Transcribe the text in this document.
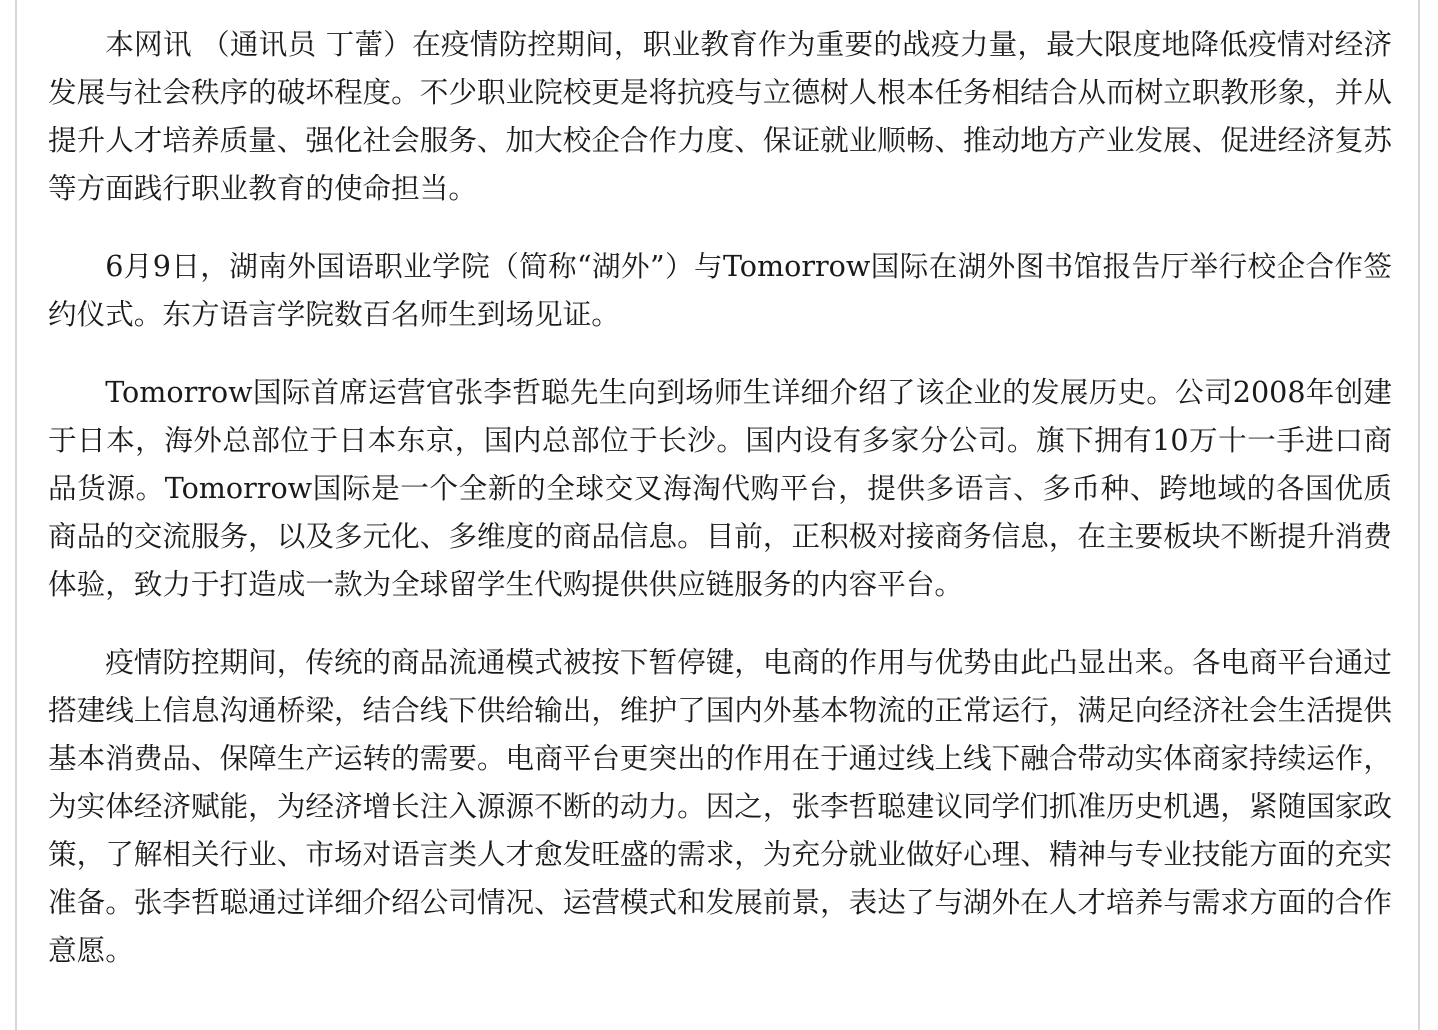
本网讯 （通讯员 丁蕾）在疫情防控期间，职业教育作为重要的战疫力量，最大限度地降低疫情对经济发展与社会秩序的破坏程度。不少职业院校更是将抗疫与立德树人根本任务相结合从而树立职教形象，并从提升人才培养质量、强化社会服务、加大校企合作力度、保证就业顺畅、推动地方产业发展、促进经济复苏等方面践行职业教育的使命担当。

6月9日，湖南外国语职业学院（简称“湖外”）与Tomorrow国际在湖外图书馆报告厅举行校企合作签约仪式。东方语言学院数百名师生到场见证。

Tomorrow国际首席运营官张李哲聪先生向到场师生详细介绍了该企业的发展历史。公司2008年创建于日本，海外总部位于日本东京，国内总部位于长沙。国内设有多家分公司。旗下拥有10万十一手进口商品货源。Tomorrow国际是一个全新的全球交叉海淘代购平台，提供多语言、多币种、跨地域的各国优质商品的交流服务，以及多元化、多维度的商品信息。目前，正积极对接商务信息，在主要板块不断提升消费体验，致力于打造成一款为全球留学生代购提供供应链服务的内容平台。

疫情防控期间，传统的商品流通模式被按下暂停键，电商的作用与优势由此凸显出来。各电商平台通过搭建线上信息沟通桥梁，结合线下供给输出，维护了国内外基本物流的正常运行，满足向经济社会生活提供基本消费品、保障生产运转的需要。电商平台更突出的作用在于通过线上线下融合带动实体商家持续运作，为实体经济赋能，为经济增长注入源源不断的动力。因之，张李哲聪建议同学们抓准历史机遇，紧随国家政策，了解相关行业、市场对语言类人才愈发旺盛的需求，为充分就业做好心理、精神与专业技能方面的充实准备。张李哲聪通过详细介绍公司情况、运营模式和发展前景，表达了与湖外在人才培养与需求方面的合作意愿。
